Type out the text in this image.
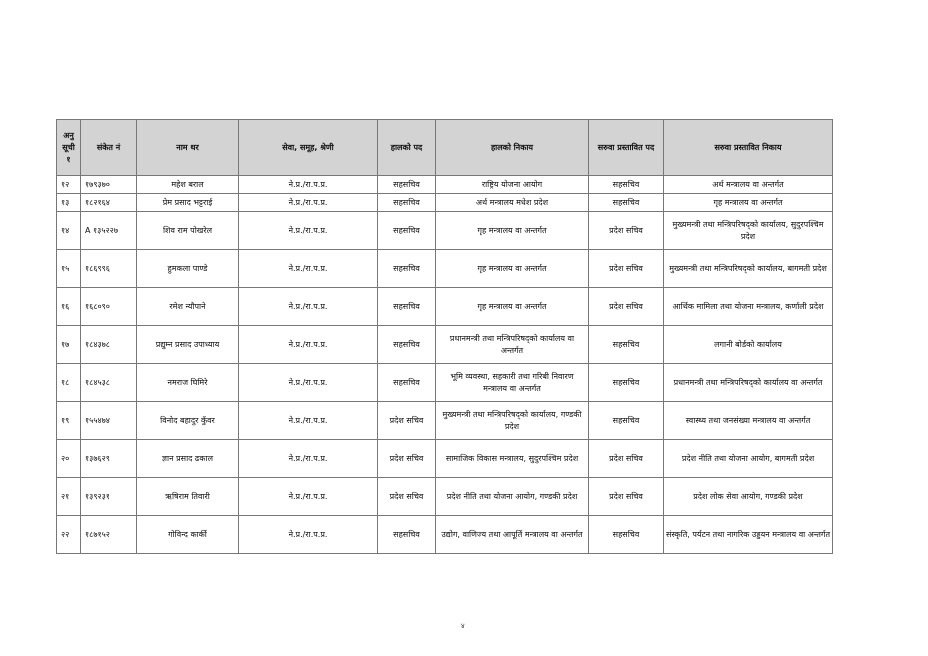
अनु सूची १	संकेत नं	नाम थर	सेवा, समूह, श्रेणी	हालको पद	हालको निकाय	सरुवा प्रस्तावित पद	सरुवा प्रस्तावित निकाय
१२	१७९३७०	महेश बराल	ने.प्र./रा.प.प्र.	सहसचिव	राष्ट्रिय योजना आयोग	सहसचिव	अर्थ मन्त्रालय वा अन्तर्गत
१३	१८२१६४	प्रेम प्रसाद भट्टराई	ने.प्र./रा.प.प्र.	सहसचिव	अर्थ मन्त्रालय मधेश प्रदेश	सहसचिव	गृह मन्त्रालय वा अन्तर्गत
१४	A १३५२२७	शिव राम पोखरेल	ने.प्र./रा.प.प्र.	सहसचिव	गृह मन्त्रालय वा अन्तर्गत	प्रदेश सचिव	मुख्यमन्त्री तथा मन्त्रिपरिषद्को कार्यालय, सुदुरपश्चिम प्रदेश
१५	१८६९९६	हुमकला पाण्डे	ने.प्र./रा.प.प्र.	सहसचिव	गृह मन्त्रालय वा अन्तर्गत	प्रदेश सचिव	मुख्यमन्त्री तथा मन्त्रिपरिषद्को कार्यालय, बागमती प्रदेश
१६	१६८०९०	रमेश न्यौपाने	ने.प्र./रा.प.प्र.	सहसचिव	गृह मन्त्रालय वा अन्तर्गत	प्रदेश सचिव	आर्थिक मामिला तथा योजना मन्त्रालय, कर्णाली प्रदेश
१७	१८४३७८	प्रद्युम्न प्रसाद उपाध्याय	ने.प्र./रा.प.प्र.	सहसचिव	प्रधानमन्त्री तथा मन्त्रिपरिषद्को कार्यालय वा अन्तर्गत	सहसचिव	लगानी बोर्डको कार्यालय
१८	१८४५३८	नमराज घिमिरे	ने.प्र./रा.प.प्र.	सहसचिव	भूमि व्यवस्था, सहकारी तथा गरिबी निवारण मन्त्रालय वा अन्तर्गत	सहसचिव	प्रधानमन्त्री तथा मन्त्रिपरिषद्को कार्यालय वा अन्तर्गत
१९	१५५४७४	विनोद बहादुर कुँवर	ने.प्र./रा.प.प्र.	प्रदेश सचिव	मुख्यमन्त्री तथा मन्त्रिपरिषद्को कार्यालय, गण्डकी प्रदेश	सहसचिव	स्वास्थ्य तथा जनसंख्या मन्त्रालय वा अन्तर्गत
२०	१३७६२९	ज्ञान प्रसाद ढकाल	ने.प्र./रा.प.प्र.	प्रदेश सचिव	सामाजिक विकास मन्त्रालय, सुदुरपश्चिम प्रदेश	प्रदेश सचिव	प्रदेश नीति तथा योजना आयोग, बागमती प्रदेश
२१	१३९२३१	ऋषिराम तिवारी	ने.प्र./रा.प.प्र.	प्रदेश सचिव	प्रदेश नीति तथा योजना आयोग, गण्डकी प्रदेश	प्रदेश सचिव	प्रदेश लोक सेवा आयोग, गण्डकी प्रदेश
२२	१८७१५२	गोविन्द कार्की	ने.प्र./रा.प.प्र.	सहसचिव	उद्योग, वाणिज्य तथा आपूर्ति मन्त्रालय वा अन्तर्गत	सहसचिव	संस्कृति, पर्यटन तथा नागरिक उड्डयन मन्त्रालय वा अन्तर्गत
४
